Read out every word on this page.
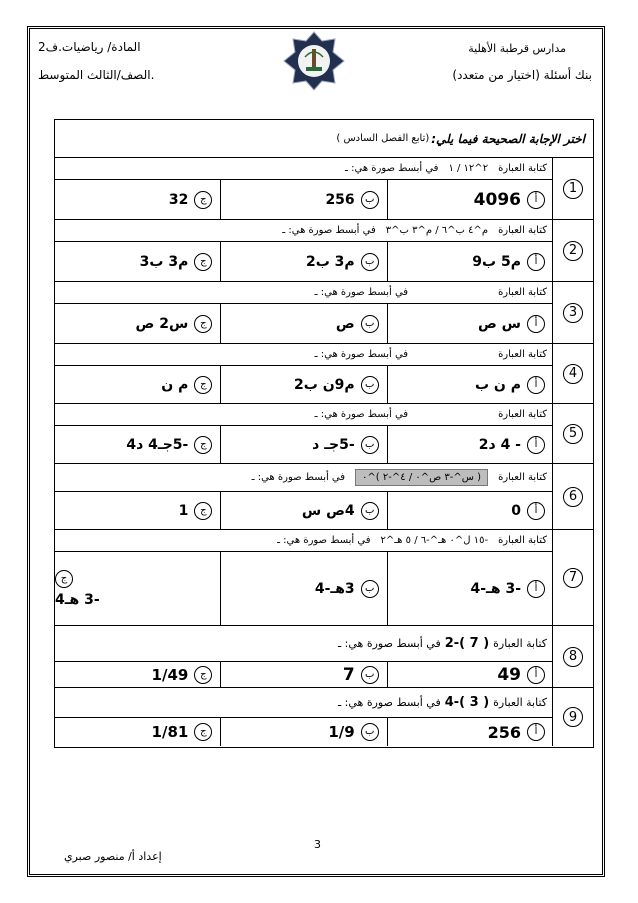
مدارس قرطبة الأهلية
المادة/ رياضيات.ف2
بنك أسئلة (اختيار من متعدد)
الصف/الثالث المتوسط.
اختر الإجابة الصحيحة فيما يلي:
(تابع الفصل السادس )
1
كتابة العبارة
٢^١٢ / ١
في أبسط صورة هي: ـ
أ
4096
ب
256
ج
32
2
كتابة العبارة
م^٤ ب^٦ / م^٣ ب^٣
في أبسط صورة هي: ـ
أ
م5 ب9
ب
م3 ب2
ج
م3 ب3
3
كتابة العبارة
في أبسط صورة هي: ـ
أ
س ص
ب
ص
ج
س2 ص
4
كتابة العبارة
في أبسط صورة هي: ـ
أ
م ن ب
ب
م9ن ب2
ج
م ن
5
كتابة العبارة
في أبسط صورة هي: ـ
أ
- 4 د2
ب
-5جـ د
ج
-5جـ4 د4
6
كتابة العبارة
( س^-٣ ص^٠ / ٤^-٢ )^٠
في أبسط صورة هي: ـ
أ
0
ب
4ص س
ج
1
7
كتابة العبارة
-١٥ ل^٠ هـ^-٦ / ٥ هـ^٢
في أبسط صورة هي: ـ
أ
-3 هـ-4
ب
3هـ-4
ج
-3 هـ4
8
كتابة العبارة
( 7 )-2
في أبسط صورة هي: ـ
أ
49
ب
7
ج
1/49
9
كتابة العبارة
( 3 )-4
في أبسط صورة هي: ـ
أ
256
ب
1/9
ج
1/81
3
إعداد أ/ منصور صبري
